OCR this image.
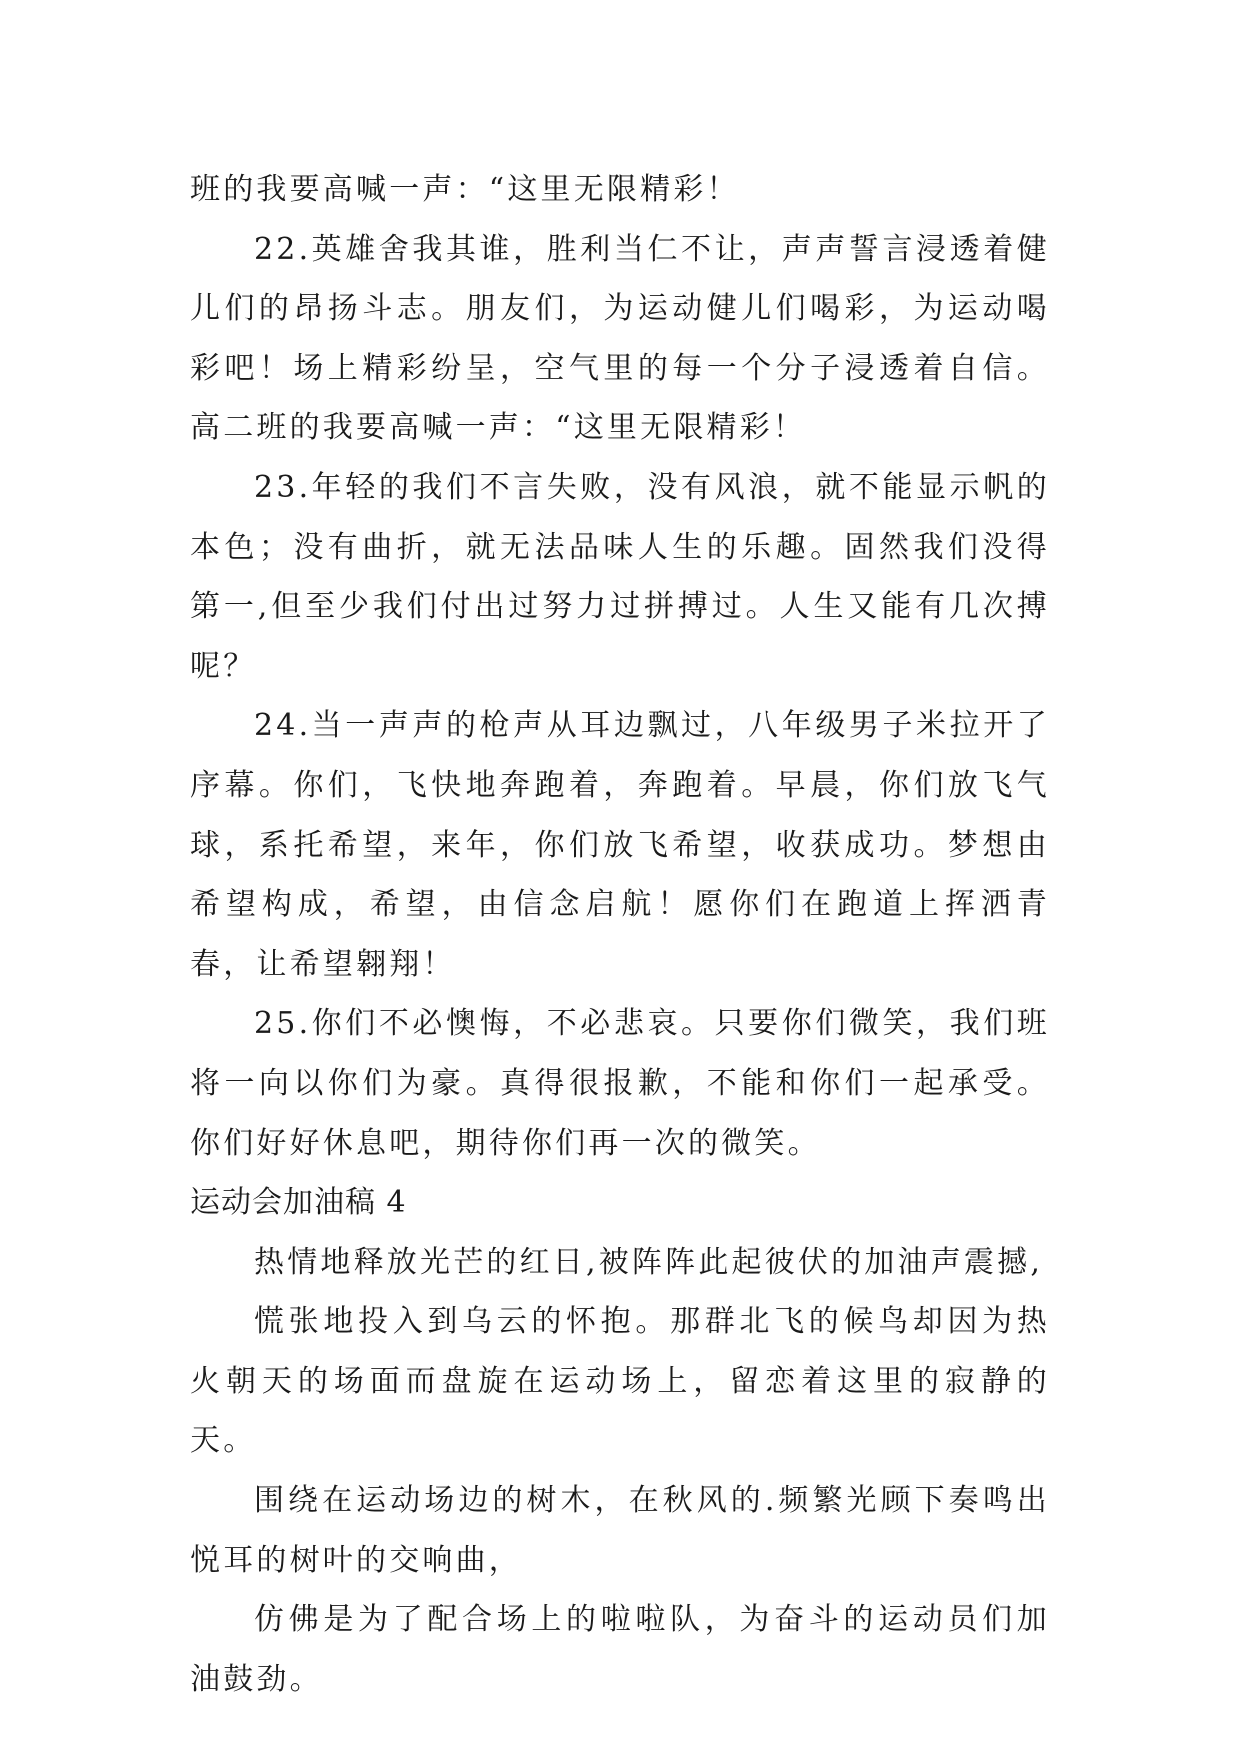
班的我要高喊一声：“这里无限精彩！

22.英雄舍我其谁，胜利当仁不让，声声誓言浸透着健儿们的昂扬斗志。朋友们，为运动健儿们喝彩，为运动喝彩吧！场上精彩纷呈，空气里的每一个分子浸透着自信。高二班的我要高喊一声：“这里无限精彩！

23.年轻的我们不言失败，没有风浪，就不能显示帆的本色；没有曲折，就无法品味人生的乐趣。固然我们没得第一,但至少我们付出过努力过拼搏过。人生又能有几次搏呢？

24.当一声声的枪声从耳边飘过，八年级男子米拉开了序幕。你们，飞快地奔跑着，奔跑着。早晨，你们放飞气球，系托希望，来年，你们放飞希望，收获成功。梦想由希望构成，希望，由信念启航！愿你们在跑道上挥洒青春，让希望翱翔！

25.你们不必懊悔，不必悲哀。只要你们微笑，我们班将一向以你们为豪。真得很报歉，不能和你们一起承受。你们好好休息吧，期待你们再一次的微笑。

运动会加油稿 4

热情地释放光芒的红日,被阵阵此起彼伏的加油声震撼,

慌张地投入到乌云的怀抱。那群北飞的候鸟却因为热火朝天的场面而盘旋在运动场上，留恋着这里的寂静的天。

围绕在运动场边的树木，在秋风的.频繁光顾下奏鸣出悦耳的树叶的交响曲，

仿佛是为了配合场上的啦啦队，为奋斗的运动员们加油鼓劲。
